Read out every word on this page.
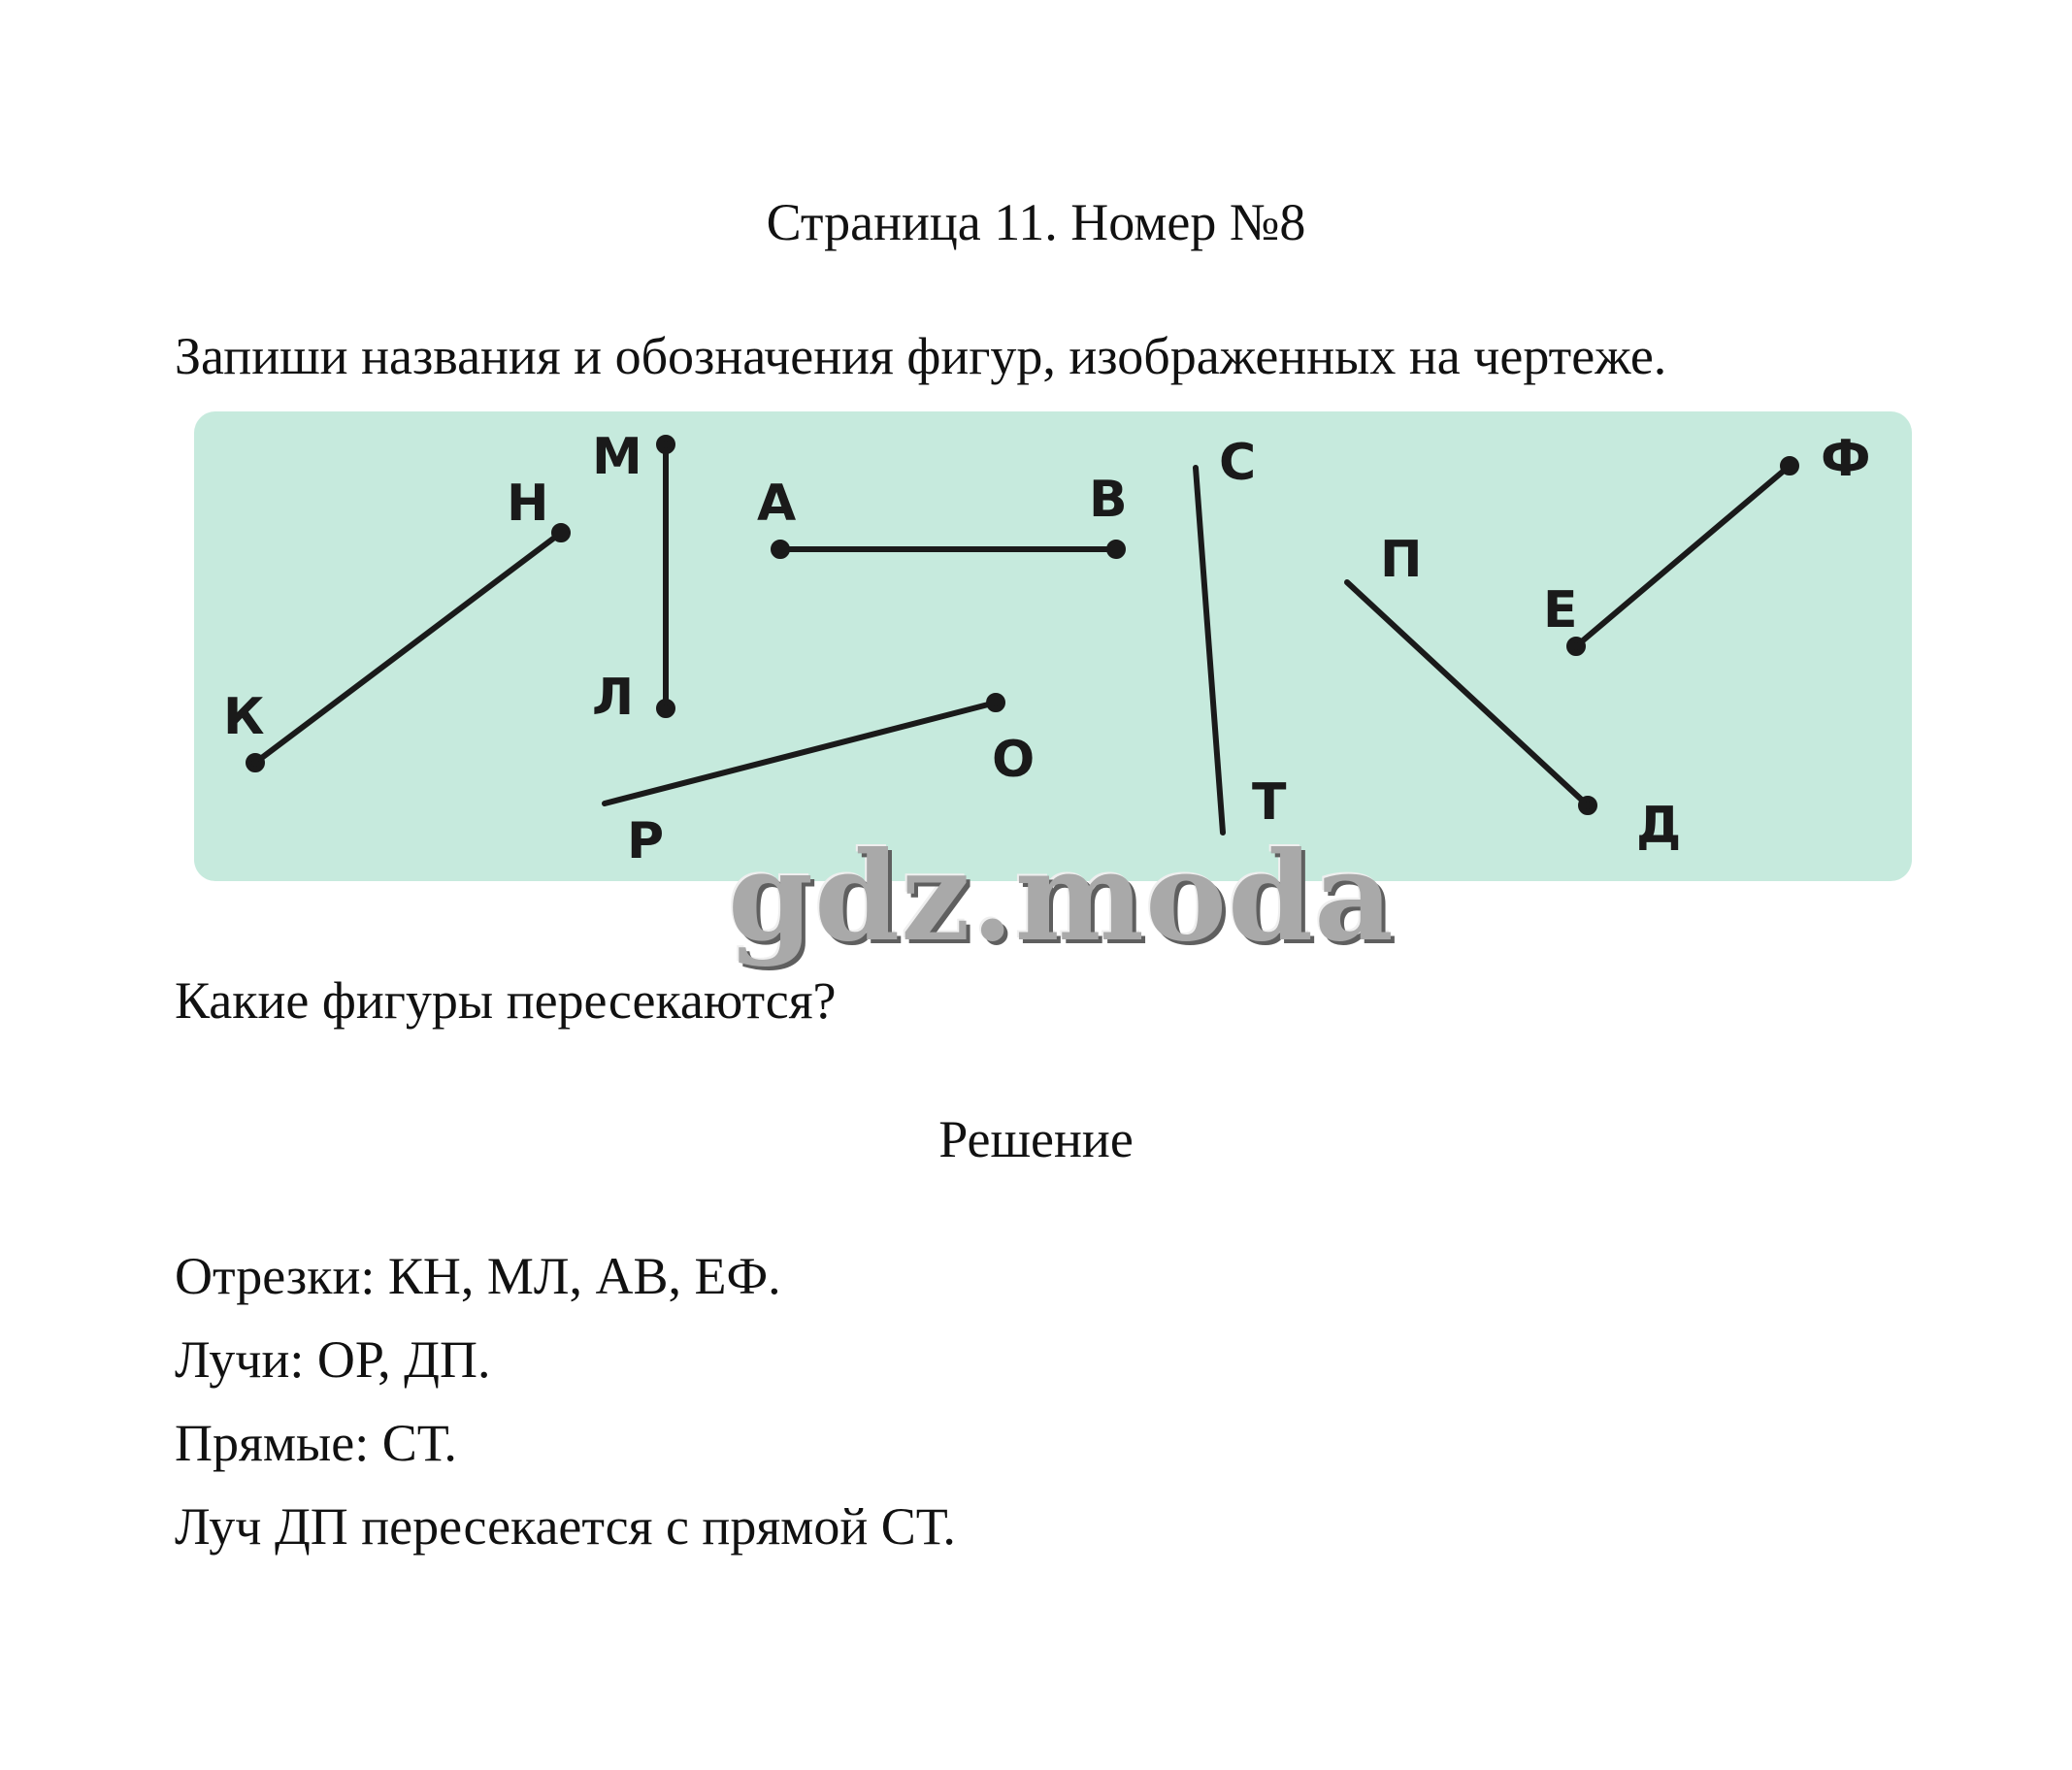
Страница 11. Номер №8
Запиши названия и обозначения фигур, изображенных на чертеже.
К
Н
М
Л
А	В
О
Р
С
Т	Д
П
Е
Ф
gdz.moda
Какие фигуры пересекаются?
Решение
Отрезки: КН, МЛ, АВ, ЕФ.
Лучи: ОР, ДП.
Прямые: СТ.
Луч ДП пересекается с прямой СТ.
